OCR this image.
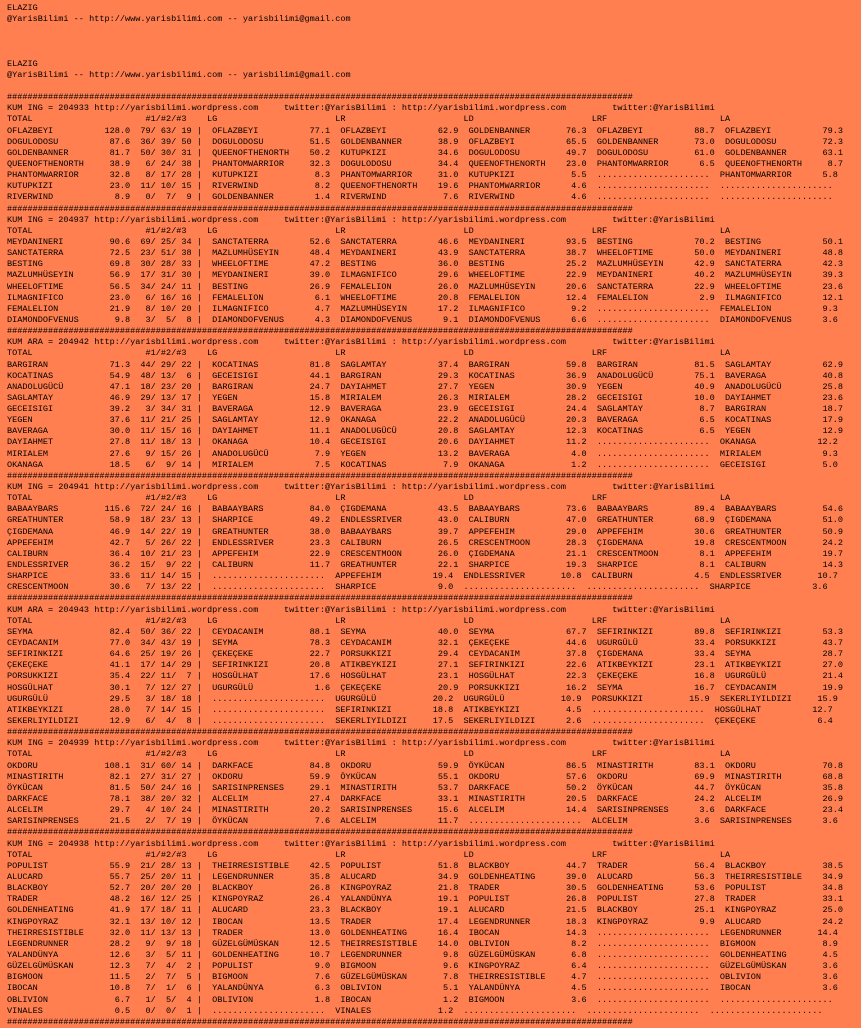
ELAZIG
@YarisBilimi -- http://www.yarisbilimi.com -- yarisbilimi@gmail.com
ELAZIG
@YarisBilimi -- http://www.yarisbilimi.com -- yarisbilimi@gmail.com
##########################################################################################################################
KUM ING = 204933 http://yarisbilimi.wordpress.com     twitter:@YarisBilimi : http://yarisbilimi.wordpress.com         twitter:@YarisBilimi
TOTAL                      #1/#2/#3    LG                       LR                       LD                       LRF                      LA
OFLAZBEYI          128.0  79/ 63/ 19 |  OFLAZBEYI          77.1  OFLAZBEYI          62.9  GOLDENBANNER       76.3  OFLAZBEYI          88.7  OFLAZBEYI          79.3
DOGULODOSU          87.6  36/ 39/ 50 |  DOGULODOSU         51.5  GOLDENBANNER       38.9  OFLAZBEYI          65.5  GOLDENBANNER       73.0  DOGULODOSU         72.3
GOLDENBANNER        81.7  50/ 30/ 31 |  QUEENOFTHENORTH    50.2  KUTUPKIZI          34.6  DOGULODOSU         49.7  DOGULODOSU         61.0  GOLDENBANNER       63.1
QUEENOFTHENORTH     38.9   6/ 24/ 38 |  PHANTOMWARRIOR     32.3  DOGULODOSU         34.4  QUEENOFTHENORTH    23.0  PHANTOMWARRIOR      6.5  QUEENOFTHENORTH     8.7
PHANTOMWARRIOR      32.8   8/ 17/ 28 |  KUTUPKIZI           8.3  PHANTOMWARRIOR     31.0  KUTUPKIZI           5.5  ......................  PHANTOMWARRIOR      5.8
KUTUPKIZI           23.0  11/ 10/ 15 |  RIVERWIND           8.2  QUEENOFTHENORTH    19.6  PHANTOMWARRIOR      4.6  ......................  ......................
RIVERWIND            8.9   0/  7/  9 |  GOLDENBANNER        1.4  RIVERWIND           7.6  RIVERWIND           4.6  ......................  ......................
##########################################################################################################################
KUM ING = 204937 http://yarisbilimi.wordpress.com     twitter:@YarisBilimi : http://yarisbilimi.wordpress.com         twitter:@YarisBilimi
TOTAL                      #1/#2/#3    LG                       LR                       LD                       LRF                      LA
MEYDANINERI         90.6  69/ 25/ 34 |  SANCTATERRA        52.6  SANCTATERRA        46.6  MEYDANINERI        93.5  BESTING            70.2  BESTING            50.1
SANCTATERRA         72.5  23/ 51/ 38 |  MAZLUMHÜSEYIN      48.4  MEYDANINERI        43.9  SANCTATERRA        38.7  WHEELOFTIME        50.0  MEYDANINERI        48.8
BESTING             69.8  30/ 28/ 33 |  WHEELOFTIME        47.2  BESTING            36.0  BESTING            25.2  MAZLUMHÜSEYIN      42.9  SANCTATERRA        42.3
MAZLUMHÜSEYIN       56.9  17/ 31/ 30 |  MEYDANINERI        39.0  ILMAGNIFICO        29.6  WHEELOFTIME        22.9  MEYDANINERI        40.2  MAZLUMHÜSEYIN      39.3
WHEELOFTIME         56.5  34/ 24/ 11 |  BESTING            26.9  FEMALELION         26.0  MAZLUMHÜSEYIN      20.6  SANCTATERRA        22.9  WHEELOFTIME        23.6
ILMAGNIFICO         23.0   6/ 16/ 16 |  FEMALELION          6.1  WHEELOFTIME        20.8  FEMALELION         12.4  FEMALELION          2.9  ILMAGNIFICO        12.1
FEMALELION          21.9   8/ 10/ 20 |  ILMAGNIFICO         4.7  MAZLUMHÜSEYIN      17.2  ILMAGNIFICO         9.2  ......................  FEMALELION          9.3
DIAMONDOFVENUS       9.8   3/  5/  8 |  DIAMONDOFVENUS      4.3  DIAMONDOFVENUS      9.1  DIAMONDOFVENUS      6.6  ......................  DIAMONDOFVENUS      3.6
##########################################################################################################################
KUM ARA = 204942 http://yarisbilimi.wordpress.com     twitter:@YarisBilimi : http://yarisbilimi.wordpress.com         twitter:@YarisBilimi
TOTAL                      #1/#2/#3    LG                       LR                       LD                       LRF                      LA
BARGIRAN            71.3  44/ 29/ 22 |  KOCATINAS          81.8  SAGLAMTAY          37.4  BARGIRAN           59.8  BARGIRAN           81.5  SAGLAMTAY          62.9
KOCATINAS           54.9  48/ 13/  6 |  GECEISIGI          44.1  BARGIRAN           29.3  KOCATINAS          36.9  ANADOLUGÜCÜ        75.1  BAVERAGA           40.8
ANADOLUGÜCÜ         47.1  18/ 23/ 20 |  BARGIRAN           24.7  DAYIAHMET          27.7  YEGEN              30.9  YEGEN              40.9  ANADOLUGÜCÜ        25.8
SAGLAMTAY           46.9  29/ 13/ 17 |  YEGEN              15.8  MIRIALEM           26.3  MIRIALEM           28.2  GECEISIGI          10.0  DAYIAHMET          23.6
GECEISIGI           39.2   3/ 34/ 31 |  BAVERAGA           12.9  BAVERAGA           23.9  GECEISIGI          24.4  SAGLAMTAY           8.7  BARGIRAN           18.7
YEGEN               37.6  11/ 21/ 25 |  SAGLAMTAY          12.9  OKANAGA            22.2  ANADOLUGÜCÜ        20.3  BAVERAGA            6.5  KOCATINAS          17.9
BAVERAGA            30.0  11/ 15/ 16 |  DAYIAHMET          11.1  ANADOLUGÜCÜ        20.8  SAGLAMTAY          12.3  KOCATINAS           6.5  YEGEN              12.9
DAYIAHMET           27.8  11/ 18/ 13 |  OKANAGA            10.4  GECEISIGI          20.6  DAYIAHMET          11.2  ......................  OKANAGA            12.2
MIRIALEM            27.6   9/ 15/ 26 |  ANADOLUGÜCÜ         7.9  YEGEN              13.2  BAVERAGA            4.0  ......................  MIRIALEM            9.3
OKANAGA             18.5   6/  9/ 14 |  MIRIALEM            7.5  KOCATINAS           7.9  OKANAGA             1.2  ......................  GECEISIGI           5.0
##########################################################################################################################
KUM ING = 204941 http://yarisbilimi.wordpress.com     twitter:@YarisBilimi : http://yarisbilimi.wordpress.com         twitter:@YarisBilimi
TOTAL                      #1/#2/#3    LG                       LR                       LD                       LRF                      LA
BABAAYBARS         115.6  72/ 24/ 16 |  BABAAYBARS         84.0  ÇIGDEMANA          43.5  BABAAYBARS         73.6  BABAAYBARS         89.4  BABAAYBARS         54.6
GREATHUNTER         58.9  18/ 23/ 13 |  SHARPICE           49.2  ENDLESSRIVER       43.0  CALIBURN           47.0  GREATHUNTER        68.9  ÇIGDEMANA          51.0
ÇIGDEMANA           46.9  14/ 22/ 19 |  GREATHUNTER        38.0  BABAAYBARS         39.7  APPEFEHIM          29.0  APPEFEHIM          30.6  GREATHUNTER        50.9
APPEFEHIM           42.7   5/ 26/ 22 |  ENDLESSRIVER       23.3  CALIBURN           26.5  CRESCENTMOON       28.3  ÇIGDEMANA          19.8  CRESCENTMOON       24.2
CALIBURN            36.4  10/ 21/ 23 |  APPEFEHIM          22.9  CRESCENTMOON       26.0  ÇIGDEMANA          21.1  CRESCENTMOON        8.1  APPEFEHIM          19.7
ENDLESSRIVER        36.2  15/  9/ 22 |  CALIBURN           11.7  GREATHUNTER        22.1  SHARPICE           19.3  SHARPICE            8.1  CALIBURN           14.3
SHARPICE            33.6  11/ 14/ 15 |  ......................  APPEFEHIM          19.4  ENDLESSRIVER       10.8  CALIBURN            4.5  ENDLESSRIVER       10.7
CRESCENTMOON        30.6   7/ 13/ 22 |  ......................  SHARPICE            9.0  ......................  ......................  SHARPICE            3.6
##########################################################################################################################
KUM ARA = 204943 http://yarisbilimi.wordpress.com     twitter:@YarisBilimi : http://yarisbilimi.wordpress.com         twitter:@YarisBilimi
TOTAL                      #1/#2/#3    LG                       LR                       LD                       LRF                      LA
SEYMA               82.4  50/ 36/ 22 |  CEYDACANIM         88.1  SEYMA              40.0  SEYMA              67.7  SEFIRINKIZI        89.8  SEFIRINKIZI        53.3
CEYDACANIM          77.0  34/ 43/ 19 |  SEYMA              78.3  CEYDACANIM         32.1  ÇEKEÇEKE           44.6  UGURGÜLÜ           33.4  PORSUKKIZI         43.7
SEFIRINKIZI         64.6  25/ 19/ 26 |  ÇEKEÇEKE           22.7  PORSUKKIZI         29.4  CEYDACANIM         37.8  ÇIGDEMANA          33.4  SEYMA              28.7
ÇEKEÇEKE            41.1  17/ 14/ 29 |  SEFIRINKIZI        20.8  ATIKBEYKIZI        27.1  SEFIRINKIZI        22.6  ATIKBEYKIZI        23.1  ATIKBEYKIZI        27.0
PORSUKKIZI          35.4  22/ 11/  7 |  HOSGÜLHAT          17.6  HOSGÜLHAT          23.1  HOSGÜLHAT          22.3  ÇEKEÇEKE           16.8  UGURGÜLÜ           21.4
HOSGÜLHAT           30.1   7/ 12/ 27 |  UGURGÜLÜ            1.6  ÇEKEÇEKE           20.9  PORSUKKIZI         16.2  SEYMA              16.7  CEYDACANIM         19.9
UGURGÜLÜ            29.5   3/ 18/ 18 |  ......................  UGURGÜLÜ           20.2  UGURGÜLÜ           10.9  PORSUKKIZI         15.9  SEKERLIYILDIZI     15.9
ATIKBEYKIZI         28.0   7/ 14/ 15 |  ......................  SEFIRINKIZI        18.8  ATIKBEYKIZI         4.5  ......................  HOSGÜLHAT          12.7
SEKERLIYILDIZI      12.9   6/  4/  8 |  ......................  SEKERLIYILDIZI     17.5  SEKERLIYILDIZI      2.6  ......................  ÇEKEÇEKE            6.4
##########################################################################################################################
KUM ING = 204939 http://yarisbilimi.wordpress.com     twitter:@YarisBilimi : http://yarisbilimi.wordpress.com         twitter:@YarisBilimi
TOTAL                      #1/#2/#3    LG                       LR                       LD                       LRF                      LA
OKDORU             108.1  31/ 60/ 14 |  DARKFACE           84.8  OKDORU             59.9  ÖYKÜCAN            86.5  MINASTIRITH        83.1  OKDORU             70.8
MINASTIRITH         82.1  27/ 31/ 27 |  OKDORU             59.9  ÖYKÜCAN            55.1  OKDORU             57.6  OKDORU             69.9  MINASTIRITH        68.8
ÖYKÜCAN             81.5  50/ 24/ 16 |  SARISINPRENSES     29.1  MINASTIRITH        53.7  DARKFACE           50.2  ÖYKÜCAN            44.7  ÖYKÜCAN            35.8
DARKFACE            78.1  38/ 20/ 32 |  ALCELIM            27.4  DARKFACE           33.1  MINASTIRITH        20.5  DARKFACE           24.2  ALCELIM            26.9
ALCELIM             29.7   4/ 10/ 24 |  MINASTIRITH        20.2  SARISINPRENSES     15.6  ALCELIM            14.4  SARISINPRENSES      3.6  DARKFACE           23.4
SARISINPRENSES      21.5   2/  7/ 19 |  ÖYKÜCAN             7.6  ALCELIM            11.7  ......................  ALCELIM             3.6  SARISINPRENSES      3.6
##########################################################################################################################
KUM ING = 204938 http://yarisbilimi.wordpress.com     twitter:@YarisBilimi : http://yarisbilimi.wordpress.com         twitter:@YarisBilimi
TOTAL                      #1/#2/#3    LG                       LR                       LD                       LRF                      LA
POPULIST            55.9  21/ 28/ 13 |  THEIRRESISTIBLE    42.5  POPULIST           51.8  BLACKBOY           44.7  TRADER             56.4  BLACKBOY           38.5
ALUCARD             55.7  25/ 20/ 11 |  LEGENDRUNNER       35.8  ALUCARD            34.9  GOLDENHEATING      39.0  ALUCARD            56.3  THEIRRESISTIBLE    34.9
BLACKBOY            52.7  20/ 20/ 20 |  BLACKBOY           26.8  KINGPOYRAZ         21.8  TRADER             30.5  GOLDENHEATING      53.6  POPULIST           34.8
TRADER              48.2  16/ 12/ 25 |  KINGPOYRAZ         26.4  YALANDÜNYA         19.1  POPULIST           26.8  POPULIST           27.8  TRADER             33.1
GOLDENHEATING       41.9  17/ 18/ 11 |  ALUCARD            23.3  BLACKBOY           19.1  ALUCARD            21.5  BLACKBOY           25.1  KINGPOYRAZ         25.0
KINGPOYRAZ          32.1  13/ 10/ 12 |  IBOCAN             13.5  TRADER             17.4  LEGENDRUNNER       18.3  KINGPOYRAZ          9.9  ALUCARD            24.2
THEIRRESISTIBLE     32.0  11/ 13/ 13 |  TRADER             13.0  GOLDENHEATING      16.4  IBOCAN             14.3  ......................  LEGENDRUNNER       14.4
LEGENDRUNNER        28.2   9/  9/ 18 |  GÜZELGÜMÜSKAN      12.5  THEIRRESISTIBLE    14.0  OBLIVION            8.2  ......................  BIGMOON             8.9
YALANDÜNYA          12.6   3/  5/ 11 |  GOLDENHEATING      10.7  LEGENDRUNNER        9.8  GÜZELGÜMÜSKAN       6.8  ......................  GOLDENHEATING       4.5
GÜZELGÜMÜSKAN       12.3   7/  4/  2 |  POPULIST            9.0  BIGMOON             9.6  KINGPOYRAZ          6.4  ......................  GÜZELGÜMÜSKAN       3.6
BIGMOON             11.5   2/  7/  5 |  BIGMOON             7.6  GÜZELGÜMÜSKAN       7.8  THEIRRESISTIBLE     4.7  ......................  OBLIVION            3.6
IBOCAN              10.8   7/  1/  6 |  YALANDÜNYA          6.3  OBLIVION            5.1  YALANDÜNYA          4.5  ......................  IBOCAN              3.6
OBLIVION             6.7   1/  5/  4 |  OBLIVION            1.8  IBOCAN              1.2  BIGMOON             3.6  ......................  ......................
VINALES              0.5   0/  0/  1 |  ......................  VINALES             1.2  ......................  ......................  ......................
##########################################################################################################################
